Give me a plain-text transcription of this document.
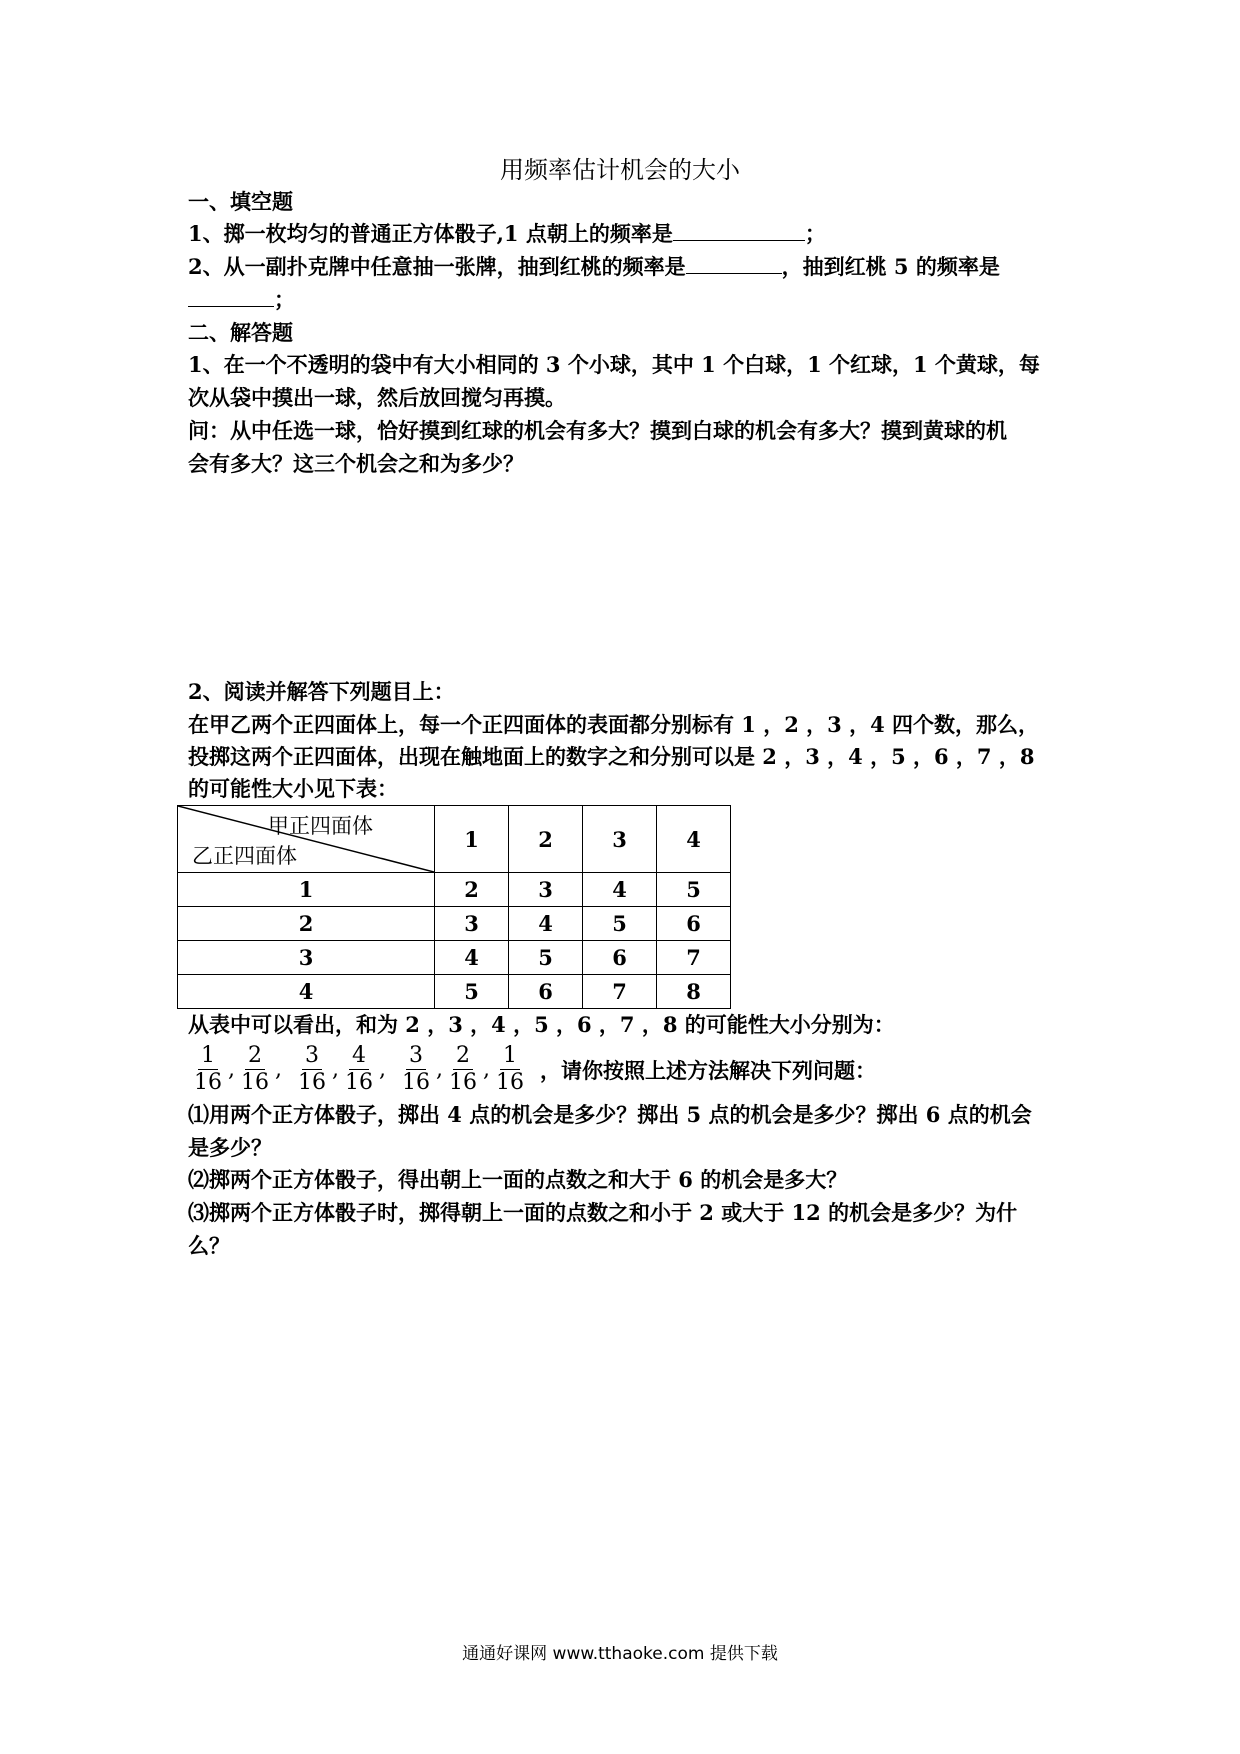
用频率估计机会的大小
一、填空题
1、掷一枚均匀的普通正方体骰子,1 点朝上的频率是	；
2、从一副扑克牌中任意抽一张牌，抽到红桃的频率是	，抽到红桃 5 的频率是
；
二、解答题
1、在一个不透明的袋中有大小相同的 3 个小球，其中 1 个白球，1 个红球，1 个黄球，每
次从袋中摸出一球，然后放回搅匀再摸。
问：从中任选一球，恰好摸到红球的机会有多大？摸到白球的机会有多大？摸到黄球的机
会有多大？这三个机会之和为多少？
2、阅读并解答下列题目上：
在甲乙两个正四面体上，每一个正四面体的表面都分别标有 1 ，2 ，3 ，4 四个数，那么，
投掷这两个正四面体，出现在触地面上的数字之和分别可以是 2 ，3 ，4 ，5 ，6 ，7 ，8
的可能性大小见下表：
甲正四面体
乙正四面体	1	2	3	4
1	2	3	4	5
2	3	4	5	6
3	4	5	6	7
4	5	6	7	8
从表中可以看出，和为 2 ，3 ，4 ，5 ，6 ，7 ，8 的可能性大小分别为：
$\frac{1}{16}$ , $\frac{2}{16}$ , $\frac{3}{16}$ , $\frac{4}{16}$ , $\frac{3}{16}$ , $\frac{2}{16}$ , $\frac{1}{16}$ ，请你按照上述方法解决下列问题：
⑴用两个正方体骰子，掷出 4 点的机会是多少？掷出 5 点的机会是多少？掷出 6 点的机会
是多少？
⑵掷两个正方体骰子，得出朝上一面的点数之和大于 6 的机会是多大？
⑶掷两个正方体骰子时，掷得朝上一面的点数之和小于 2 或大于 12 的机会是多少？为什
么？
通通好课网 www.tthaoke.com 提供下载
